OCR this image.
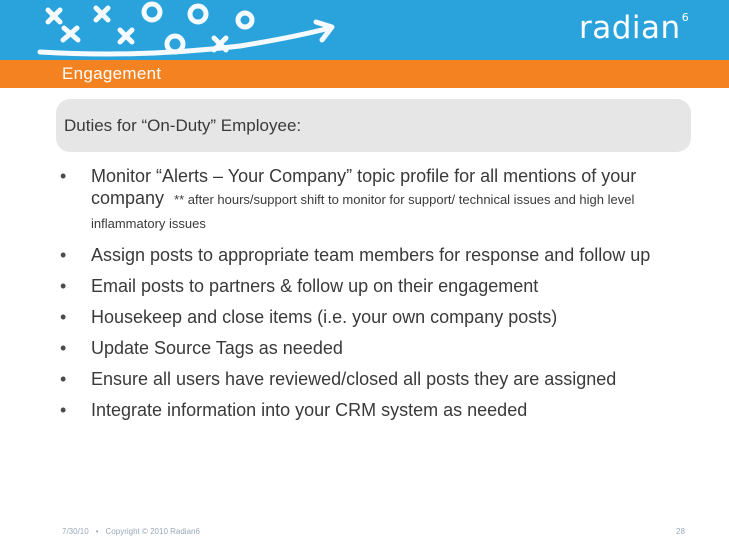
radian$^6$
Engagement
Duties for “On-Duty” Employee:
• Monitor “Alerts – Your Company” topic profile for all mentions of your company ** after hours/support shift to monitor for support/ technical issues and high level inflammatory issues
• Assign posts to appropriate team members for response and follow up
• Email posts to partners & follow up on their engagement
• Housekeep and close items (i.e. your own company posts)
• Update Source Tags as needed
• Ensure all users have reviewed/closed all posts they are assigned
• Integrate information into your CRM system as needed
7/30/10 • Copyright © 2010 Radian6	28
